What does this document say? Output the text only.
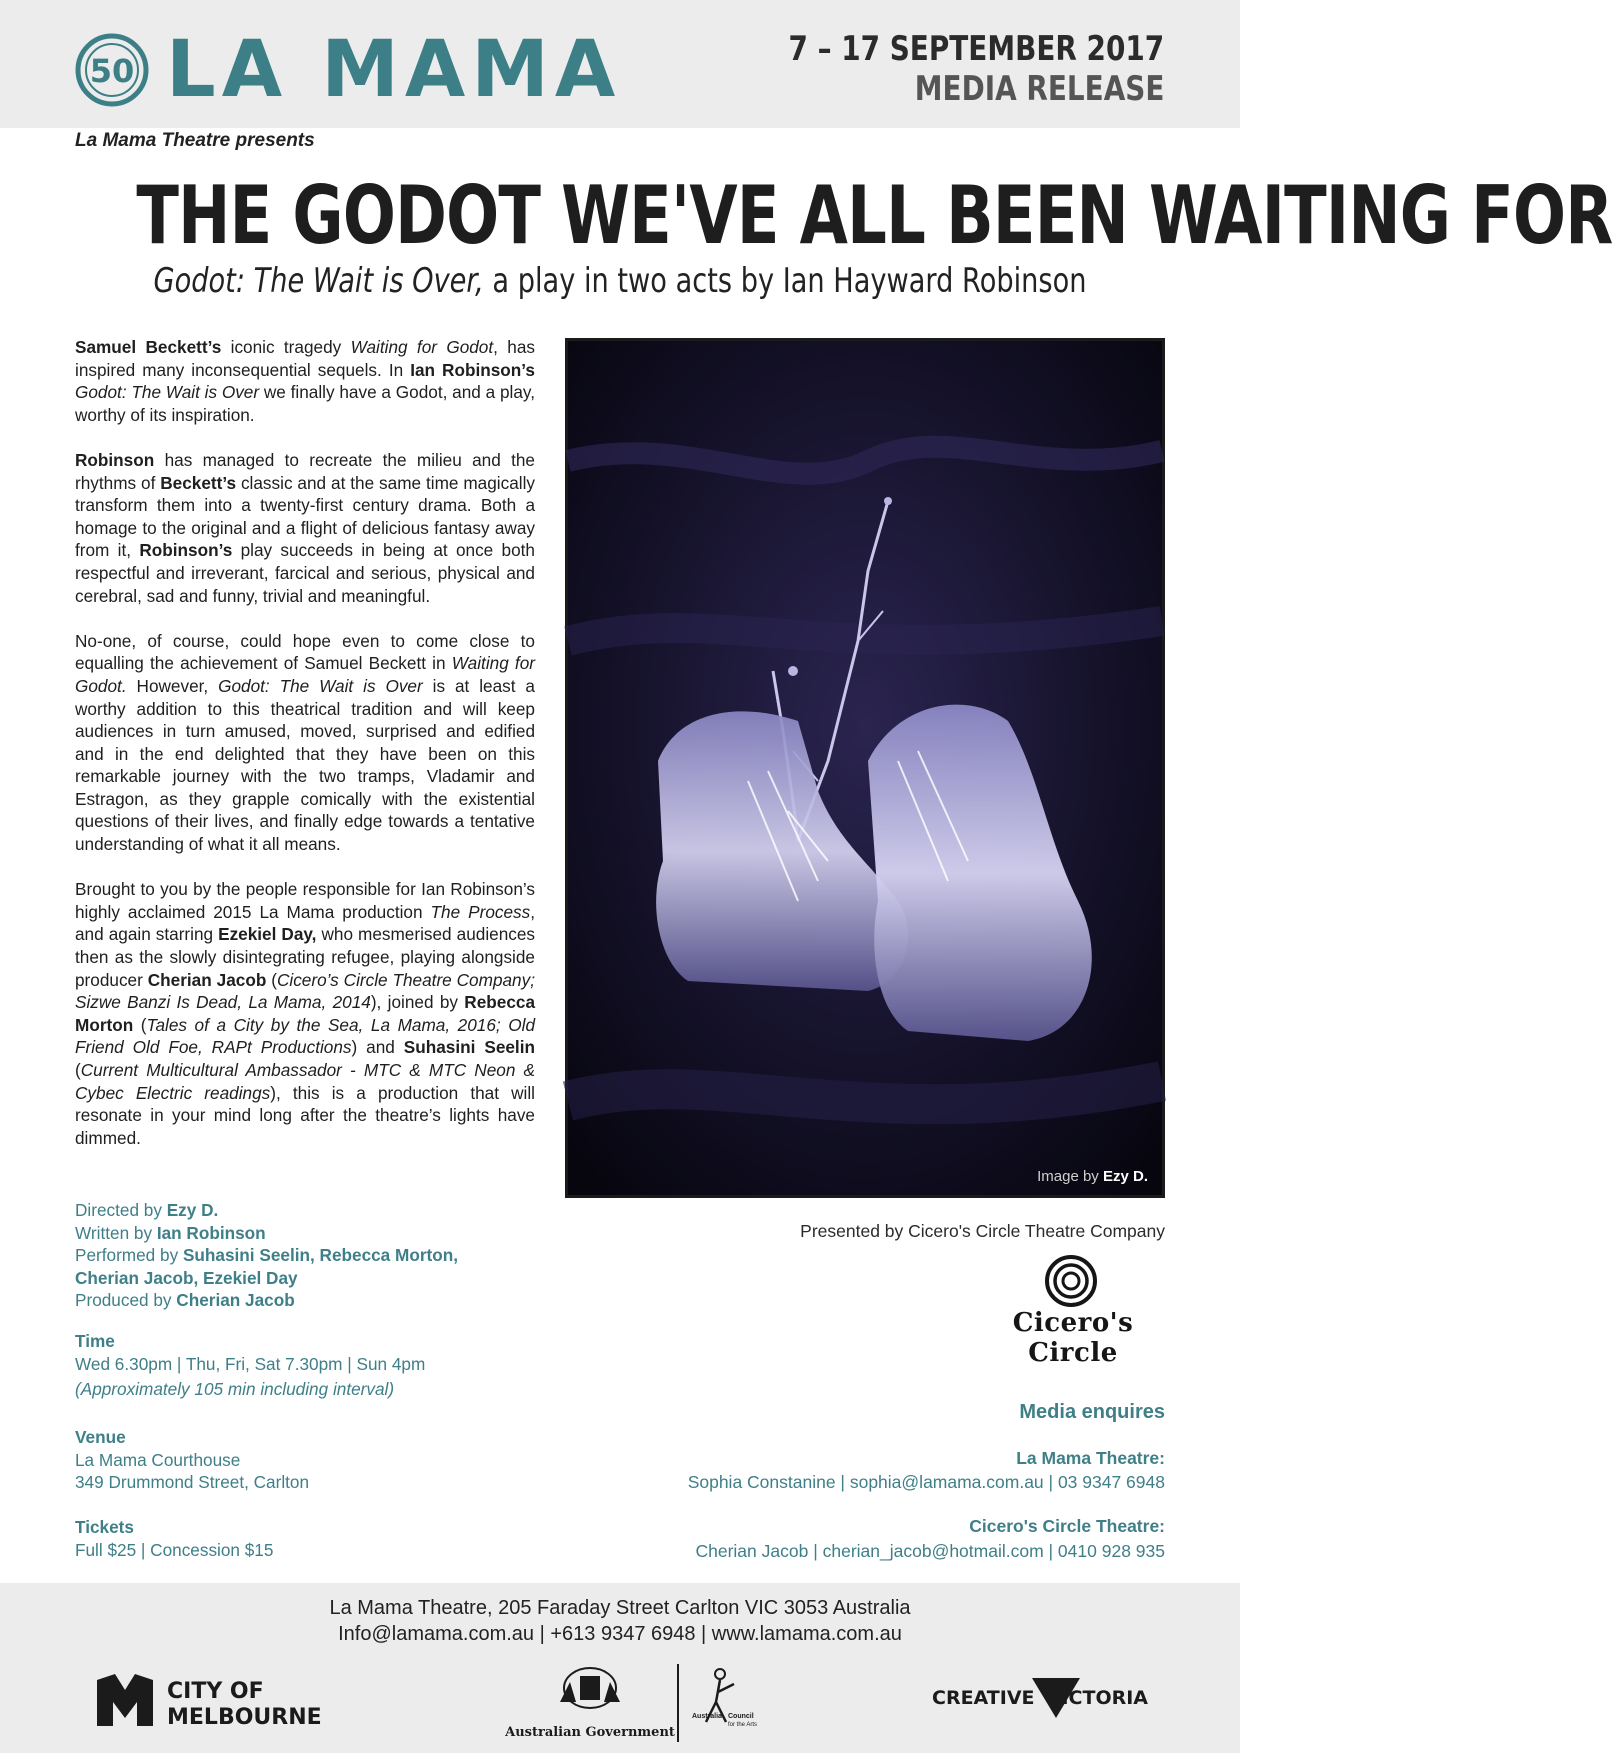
50 LA MAMA	7 – 17 SEPTEMBER 2017
MEDIA RELEASE
La Mama Theatre presents
THE GODOT WE'VE ALL BEEN WAITING FOR
Godot: The Wait is Over, a play in two acts by Ian Hayward Robinson

Samuel Beckett’s iconic tragedy Waiting for Godot, has inspired many inconsequential sequels. In Ian Robinson’s Godot: The Wait is Over we finally have a Godot, and a play, worthy of its inspiration.

Robinson has managed to recreate the milieu and the rhythms of Beckett’s classic and at the same time magically transform them into a twenty-first century drama. Both a homage to the original and a flight of delicious fantasy away from it, Robinson’s play succeeds in being at once both respectful and irreverant, farcical and serious, physical and cerebral, sad and funny, trivial and meaningful.

No-one, of course, could hope even to come close to equalling the achievement of Samuel Beckett in Waiting for Godot. However, Godot: The Wait is Over is at least a worthy addition to this theatrical tradition and will keep audiences in turn amused, moved, surprised and edified and in the end delighted that they have been on this remarkable journey with the two tramps, Vladamir and Estragon, as they grapple comically with the existential questions of their lives, and finally edge towards a tentative understanding of what it all means.

Brought to you by the people responsible for Ian Robinson’s highly acclaimed 2015 La Mama production The Process, and again starring Ezekiel Day, who mesmerised audiences then as the slowly disintegrating refugee, playing alongside producer Cherian Jacob (Cicero’s Circle Theatre Company; Sizwe Banzi Is Dead, La Mama, 2014), joined by Rebecca Morton (Tales of a City by the Sea, La Mama, 2016; Old Friend Old Foe, RAPt Productions) and Suhasini Seelin (Current Multicultural Ambassador - MTC & MTC Neon & Cybec Electric readings), this is a production that will resonate in your mind long after the theatre’s lights have dimmed.

Directed by Ezy D.
Written by Ian Robinson
Performed by Suhasini Seelin, Rebecca Morton,
Cherian Jacob, Ezekiel Day
Produced by Cherian Jacob
Time
Wed 6.30pm | Thu, Fri, Sat 7.30pm | Sun 4pm
(Approximately 105 min including interval)
Venue
La Mama Courthouse
349 Drummond Street, Carlton
Tickets
Full $25 | Concession $15
Image by Ezy D.
Presented by Cicero's Circle Theatre Company
Cicero's Circle
Media enquires
La Mama Theatre:
Sophia Constanine | sophia@lamama.com.au | 03 9347 6948
Cicero's Circle Theatre:
Cherian Jacob | cherian_jacob@hotmail.com | 0410 928 935
La Mama Theatre, 205 Faraday Street Carlton VIC 3053 Australia
Info@lamama.com.au | +613 9347 6948 | www.lamama.com.au
CITY OF
MELBOURNE
Australian Government
Australia Council
for the Arts
CREATIVE VICTORIA
